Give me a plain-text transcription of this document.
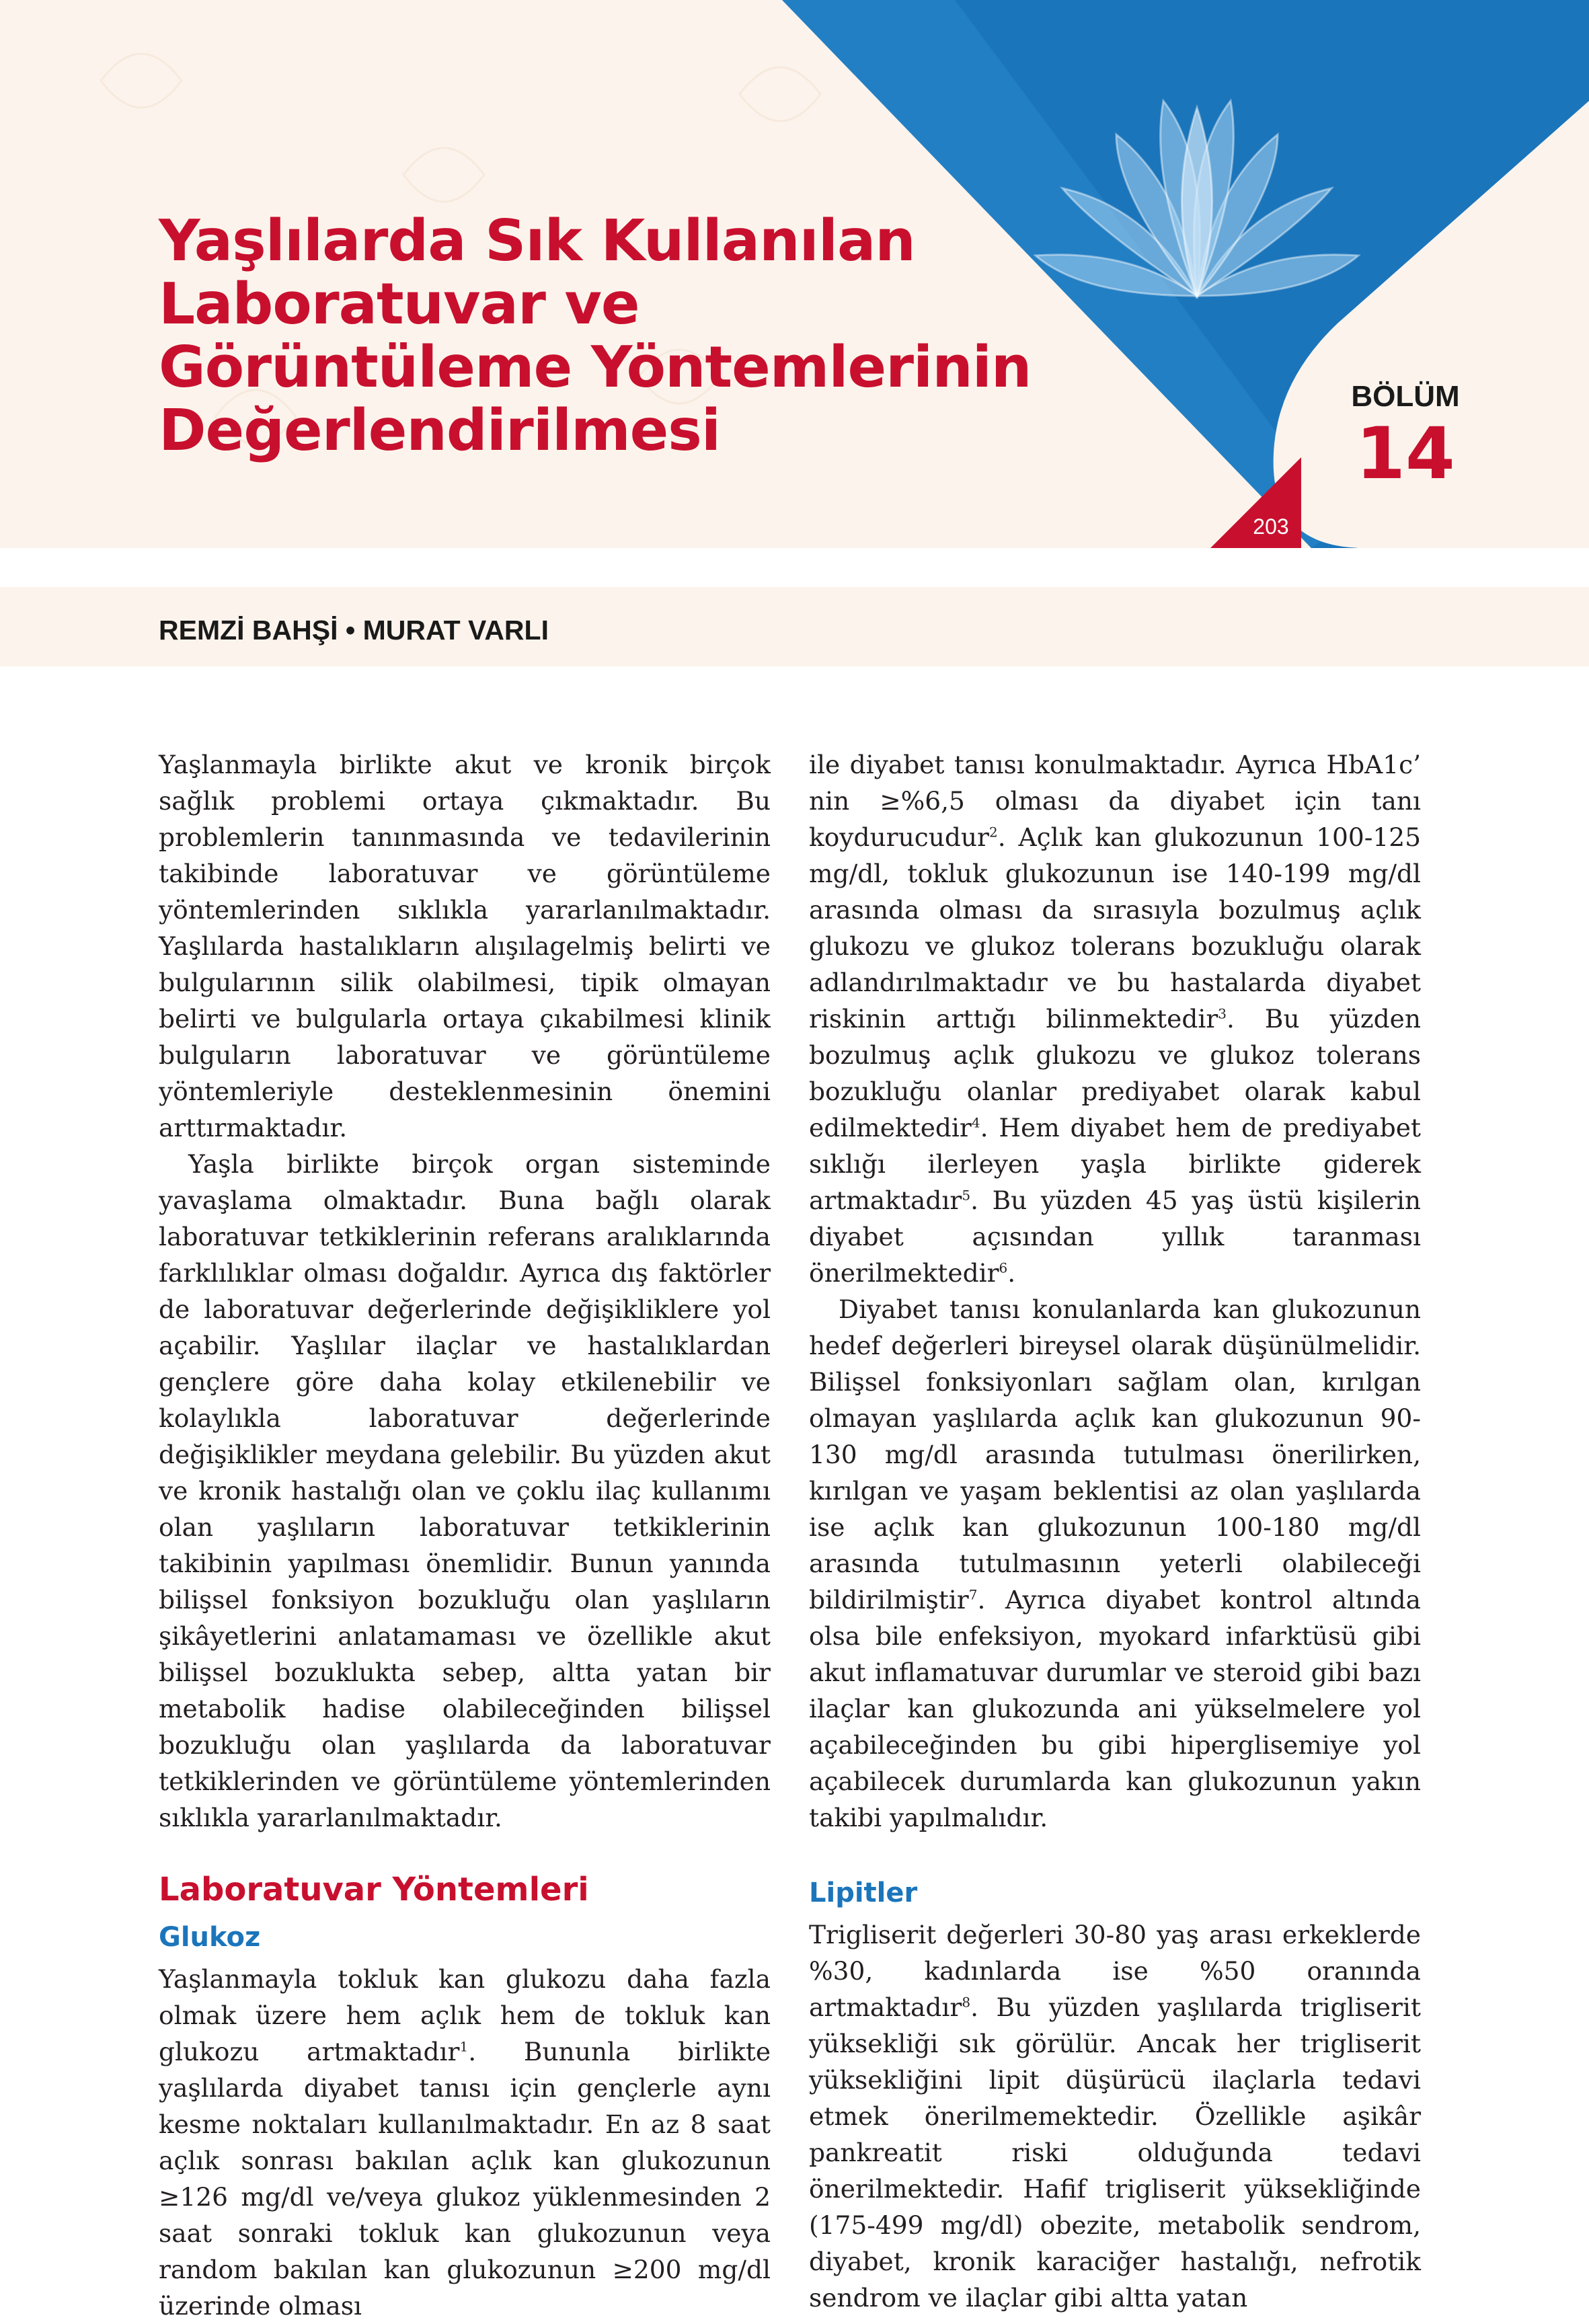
Yaşlılarda Sık Kullanılan Laboratuvar ve Görüntüleme Yöntemlerinin Değerlendirilmesi
BÖLÜM
14
203

REMZİ BAHŞİ • MURAT VARLI

Yaşlanmayla birlikte akut ve kronik birçok sağlık problemi ortaya çıkmaktadır. Bu problemlerin tanınmasında ve tedavilerinin takibinde laboratuvar ve görüntüleme yöntemlerinden sıklıkla yararlanılmaktadır. Yaşlılarda hastalıkların alışılagelmiş belirti ve bulgularının silik olabilmesi, tipik olmayan belirti ve bulgularla ortaya çıkabilmesi klinik bulguların laboratuvar ve görüntüleme yöntemleriyle desteklenmesinin önemini arttırmaktadır.

Yaşla birlikte birçok organ sisteminde yavaşlama olmaktadır. Buna bağlı olarak laboratuvar tetkiklerinin referans aralıklarında farklılıklar olması doğaldır. Ayrıca dış faktörler de laboratuvar değerlerinde değişikliklere yol açabilir. Yaşlılar ilaçlar ve hastalıklardan gençlere göre daha kolay etkilenebilir ve kolaylıkla laboratuvar değerlerinde değişiklikler meydana gelebilir. Bu yüzden akut ve kronik hastalığı olan ve çoklu ilaç kullanımı olan yaşlıların laboratuvar tetkiklerinin takibinin yapılması önemlidir. Bunun yanında bilişsel fonksiyon bozukluğu olan yaşlıların şikâyetlerini anlatamaması ve özellikle akut bilişsel bozuklukta sebep, altta yatan bir metabolik hadise olabileceğinden bilişsel bozukluğu olan yaşlılarda da laboratuvar tetkiklerinden ve görüntüleme yöntemlerinden sıklıkla yararlanılmaktadır.

Laboratuvar Yöntemleri
Glukoz

Yaşlanmayla tokluk kan glukozu daha fazla olmak üzere hem açlık hem de tokluk kan glukozu artmaktadır$^1$. Bununla birlikte yaşlılarda diyabet tanısı için gençlerle aynı kesme noktaları kullanılmaktadır. En az 8 saat açlık sonrası bakılan açlık kan glukozunun ≥126 mg/dl ve/veya glukoz yüklenmesinden 2 saat sonraki tokluk kan glukozunun veya random bakılan kan glukozunun ≥200 mg/dl üzerinde olması

ile diyabet tanısı konulmaktadır. Ayrıca HbA1c’ nin ≥%6,5 olması da diyabet için tanı koydurucudur$^2$. Açlık kan glukozunun 100-125 mg/dl, tokluk glukozunun ise 140-199 mg/dl arasında olması da sırasıyla bozulmuş açlık glukozu ve glukoz tolerans bozukluğu olarak adlandırılmaktadır ve bu hastalarda diyabet riskinin arttığı bilinmektedir$^3$. Bu yüzden bozulmuş açlık glukozu ve glukoz tolerans bozukluğu olanlar prediyabet olarak kabul edilmektedir$^4$. Hem diyabet hem de prediyabet sıklığı ilerleyen yaşla birlikte giderek artmaktadır$^5$. Bu yüzden 45 yaş üstü kişilerin diyabet açısından yıllık taranması önerilmektedir$^6$.

Diyabet tanısı konulanlarda kan glukozunun hedef değerleri bireysel olarak düşünülmelidir. Bilişsel fonksiyonları sağlam olan, kırılgan olmayan yaşlılarda açlık kan glukozunun 90-130 mg/dl arasında tutulması önerilirken, kırılgan ve yaşam beklentisi az olan yaşlılarda ise açlık kan glukozunun 100-180 mg/dl arasında tutulmasının yeterli olabileceği bildirilmiştir$^7$. Ayrıca diyabet kontrol altında olsa bile enfeksiyon, myokard infarktüsü gibi akut inflamatuvar durumlar ve steroid gibi bazı ilaçlar kan glukozunda ani yükselmelere yol açabileceğinden bu gibi hiperglisemiye yol açabilecek durumlarda kan glukozunun yakın takibi yapılmalıdır.

Lipitler

Trigliserit değerleri 30-80 yaş arası erkeklerde %30, kadınlarda ise %50 oranında artmaktadır$^8$. Bu yüzden yaşlılarda trigliserit yüksekliği sık görülür. Ancak her trigliserit yüksekliğini lipit düşürücü ilaçlarla tedavi etmek önerilmemektedir. Özellikle aşikâr pankreatit riski olduğunda tedavi önerilmektedir. Hafif trigliserit yüksekliğinde (175-499 mg/dl) obezite, metabolik sendrom, diyabet, kronik karaciğer hastalığı, nefrotik sendrom ve ilaçlar gibi altta yatan
